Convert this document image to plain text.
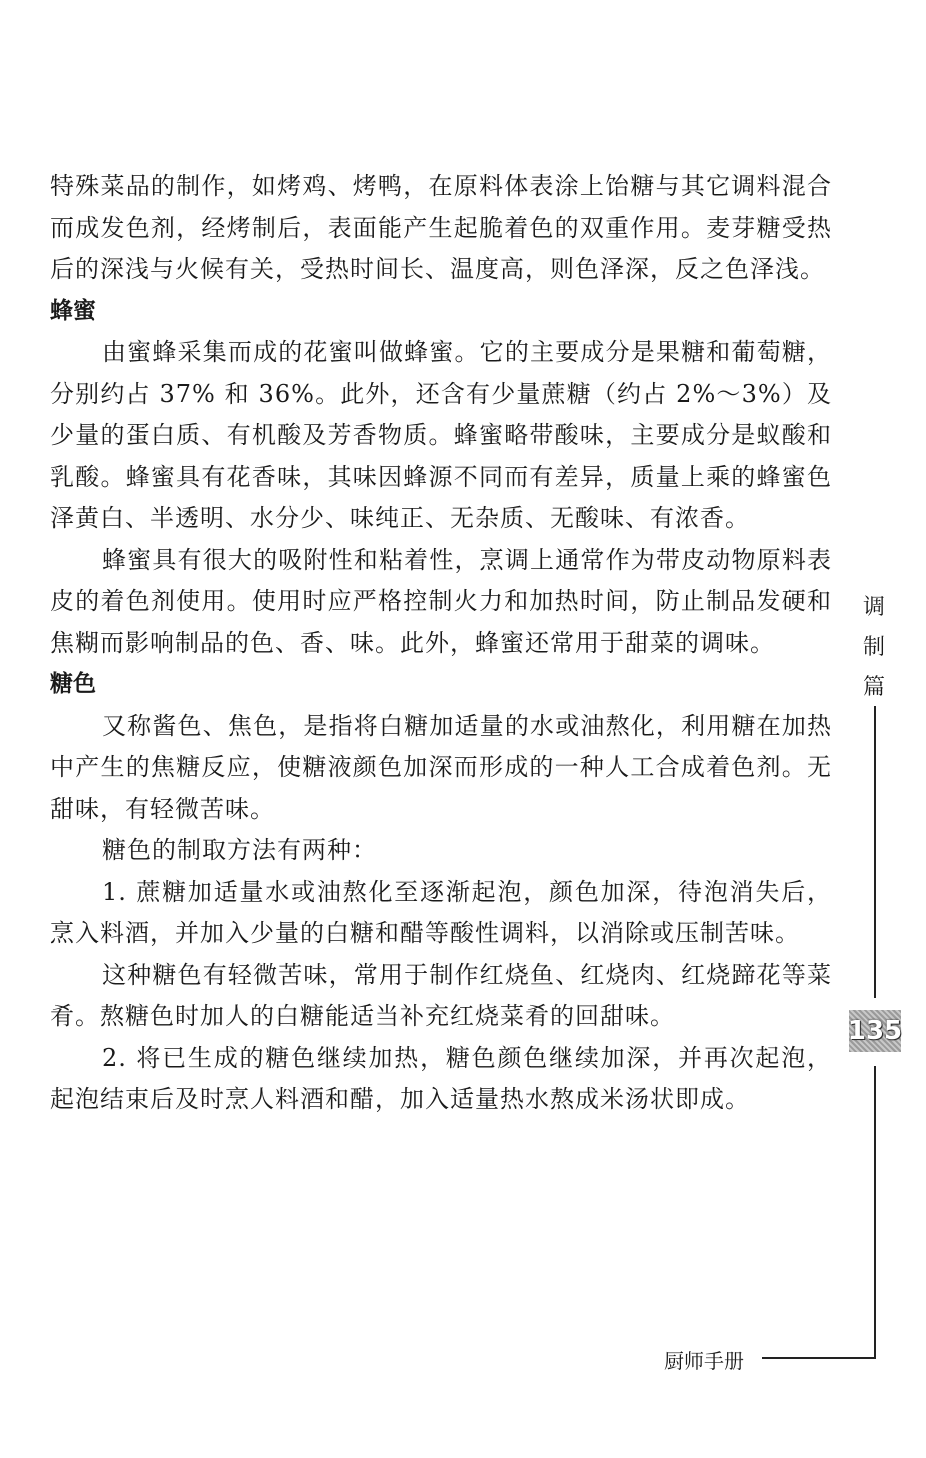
特殊菜品的制作，如烤鸡、烤鸭，在原料体表涂上饴糖与其它调料混合而成发色剂，经烤制后，表面能产生起脆着色的双重作用。麦芽糖受热后的深浅与火候有关，受热时间长、温度高，则色泽深，反之色泽浅。

蜂蜜

由蜜蜂采集而成的花蜜叫做蜂蜜。它的主要成分是果糖和葡萄糖，分别约占 37% 和 36%。此外，还含有少量蔗糖（约占 2%～3%）及少量的蛋白质、有机酸及芳香物质。蜂蜜略带酸味，主要成分是蚁酸和乳酸。蜂蜜具有花香味，其味因蜂源不同而有差异，质量上乘的蜂蜜色泽黄白、半透明、水分少、味纯正、无杂质、无酸味、有浓香。

蜂蜜具有很大的吸附性和粘着性，烹调上通常作为带皮动物原料表皮的着色剂使用。使用时应严格控制火力和加热时间，防止制品发硬和焦糊而影响制品的色、香、味。此外，蜂蜜还常用于甜菜的调味。

糖色

又称酱色、焦色，是指将白糖加适量的水或油熬化，利用糖在加热中产生的焦糖反应，使糖液颜色加深而形成的一种人工合成着色剂。无甜味，有轻微苦味。

糖色的制取方法有两种：

1. 蔗糖加适量水或油熬化至逐渐起泡，颜色加深，待泡消失后，烹入料酒，并加入少量的白糖和醋等酸性调料，以消除或压制苦味。

这种糖色有轻微苦味，常用于制作红烧鱼、红烧肉、红烧蹄花等菜肴。熬糖色时加人的白糖能适当补充红烧菜肴的回甜味。

2. 将已生成的糖色继续加热，糖色颜色继续加深，并再次起泡，起泡结束后及时烹人料酒和醋，加入适量热水熬成米汤状即成。

调
制
篇
135
厨师手册
